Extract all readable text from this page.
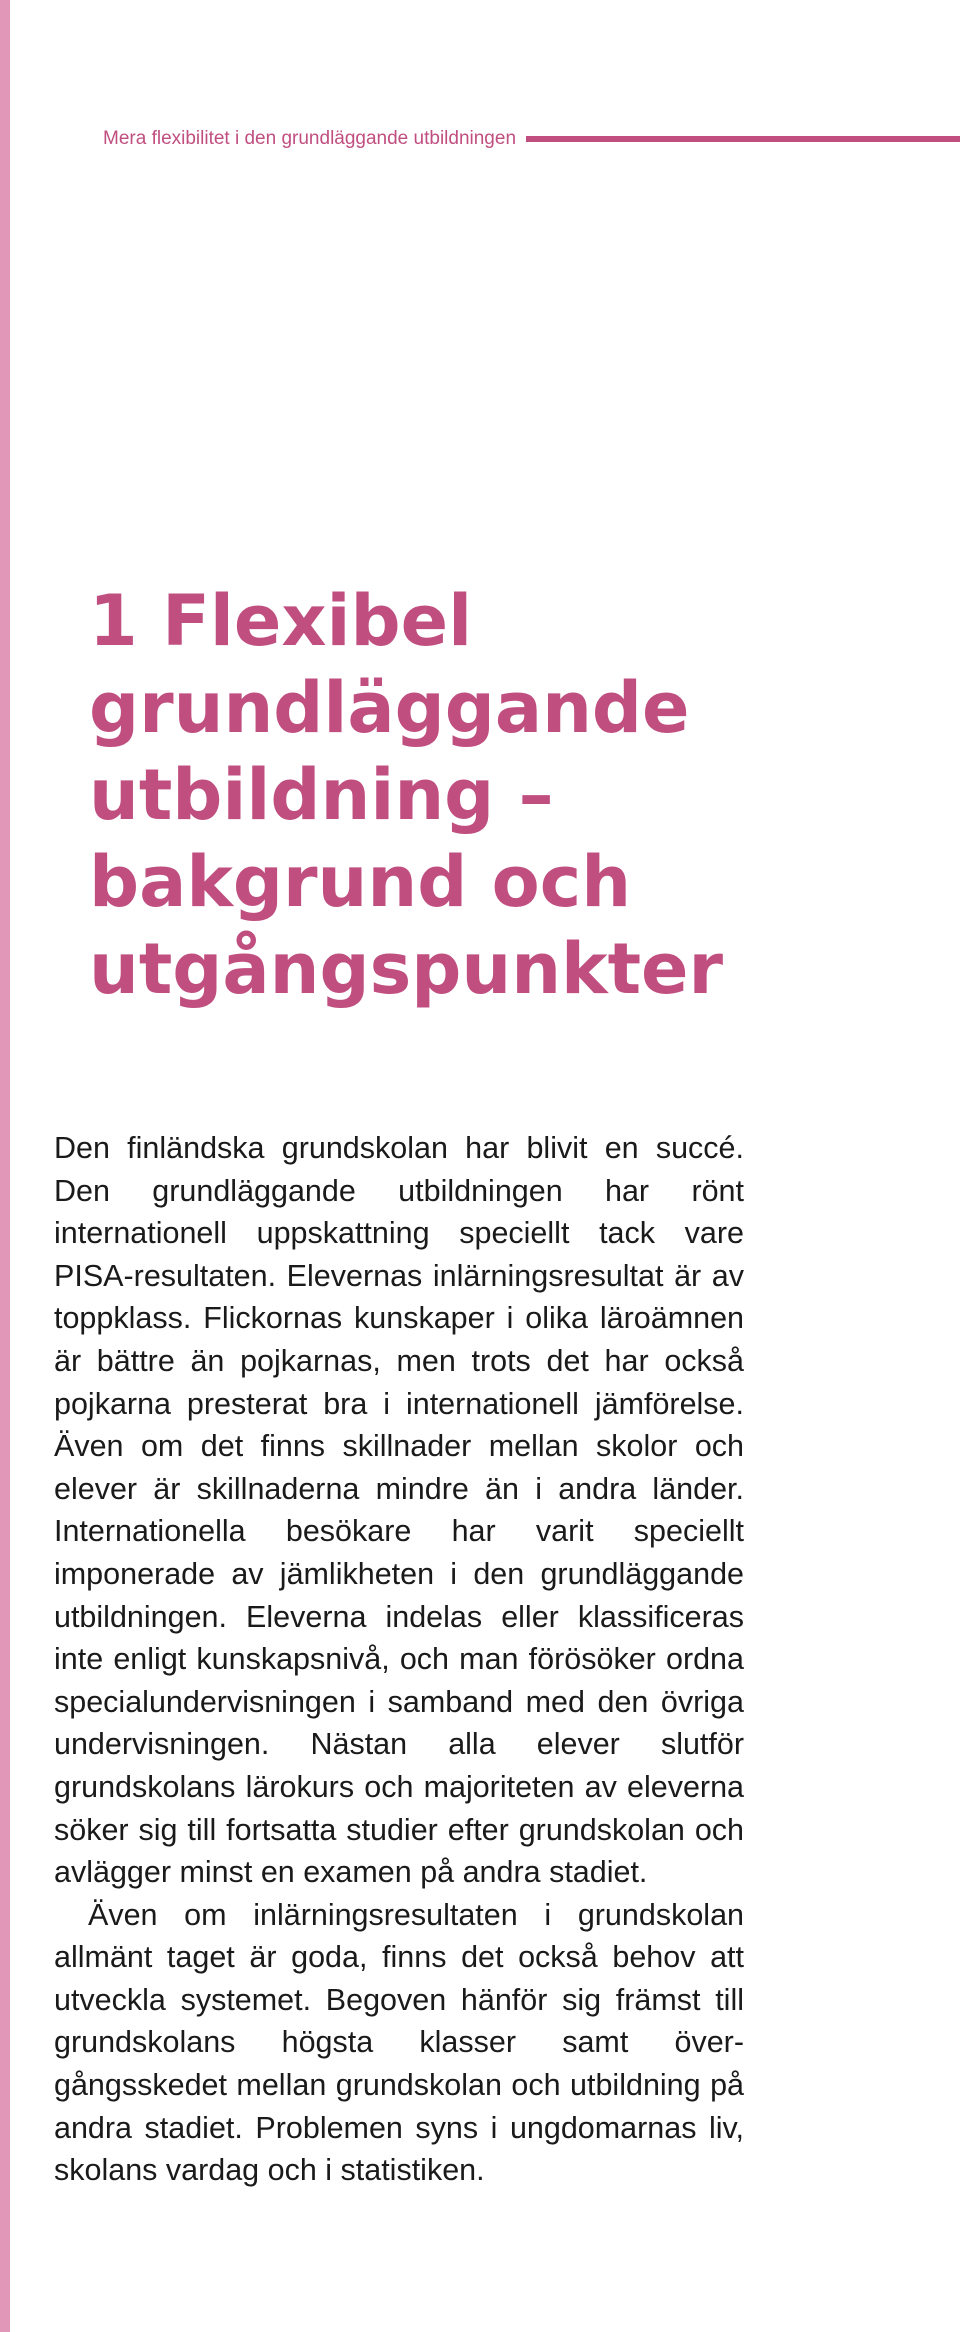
Mera flexibilitet i den grundläggande utbildningen
1 Flexibel
grundläggande
utbildning –
bakgrund och
utgångspunkter

Den finländska grundskolan har blivit en succé. Den grundläggande utbildningen har rönt internationell uppskattning speciellt tack vare PISA-resultaten. Elevernas inlärningsresultat är av toppklass. Flickornas kunskaper i olika läroämnen är bättre än pojkarnas, men trots det har också pojkarna presterat bra i internationell jämförelse. Även om det finns skillnader mellan skolor och elever är skillnaderna mindre än i andra länder. Internationella besökare har varit speciellt imponerade av jämlikheten i den grundläggande utbildningen. Eleverna indelas eller klassificeras inte enligt kunskapsnivå, och man förösöker ordna specialundervisningen i samband med den övriga undervisningen. Nästan alla elever slutför grundskolans lärokurs och majoriteten av eleverna söker sig till fortsatta studier efter grundskolan och avlägger minst en examen på andra stadiet.

Även om inlärningsresultaten i grundskolan allmänt taget är goda, finns det också behov att utveckla systemet. Begoven hänför sig främst till grundskolans högsta klasser samt övergångsskedet mellan grundskolan och utbildning på andra stadiet. Problemen syns i ungdomarnas liv, skolans vardag och i statistiken.
